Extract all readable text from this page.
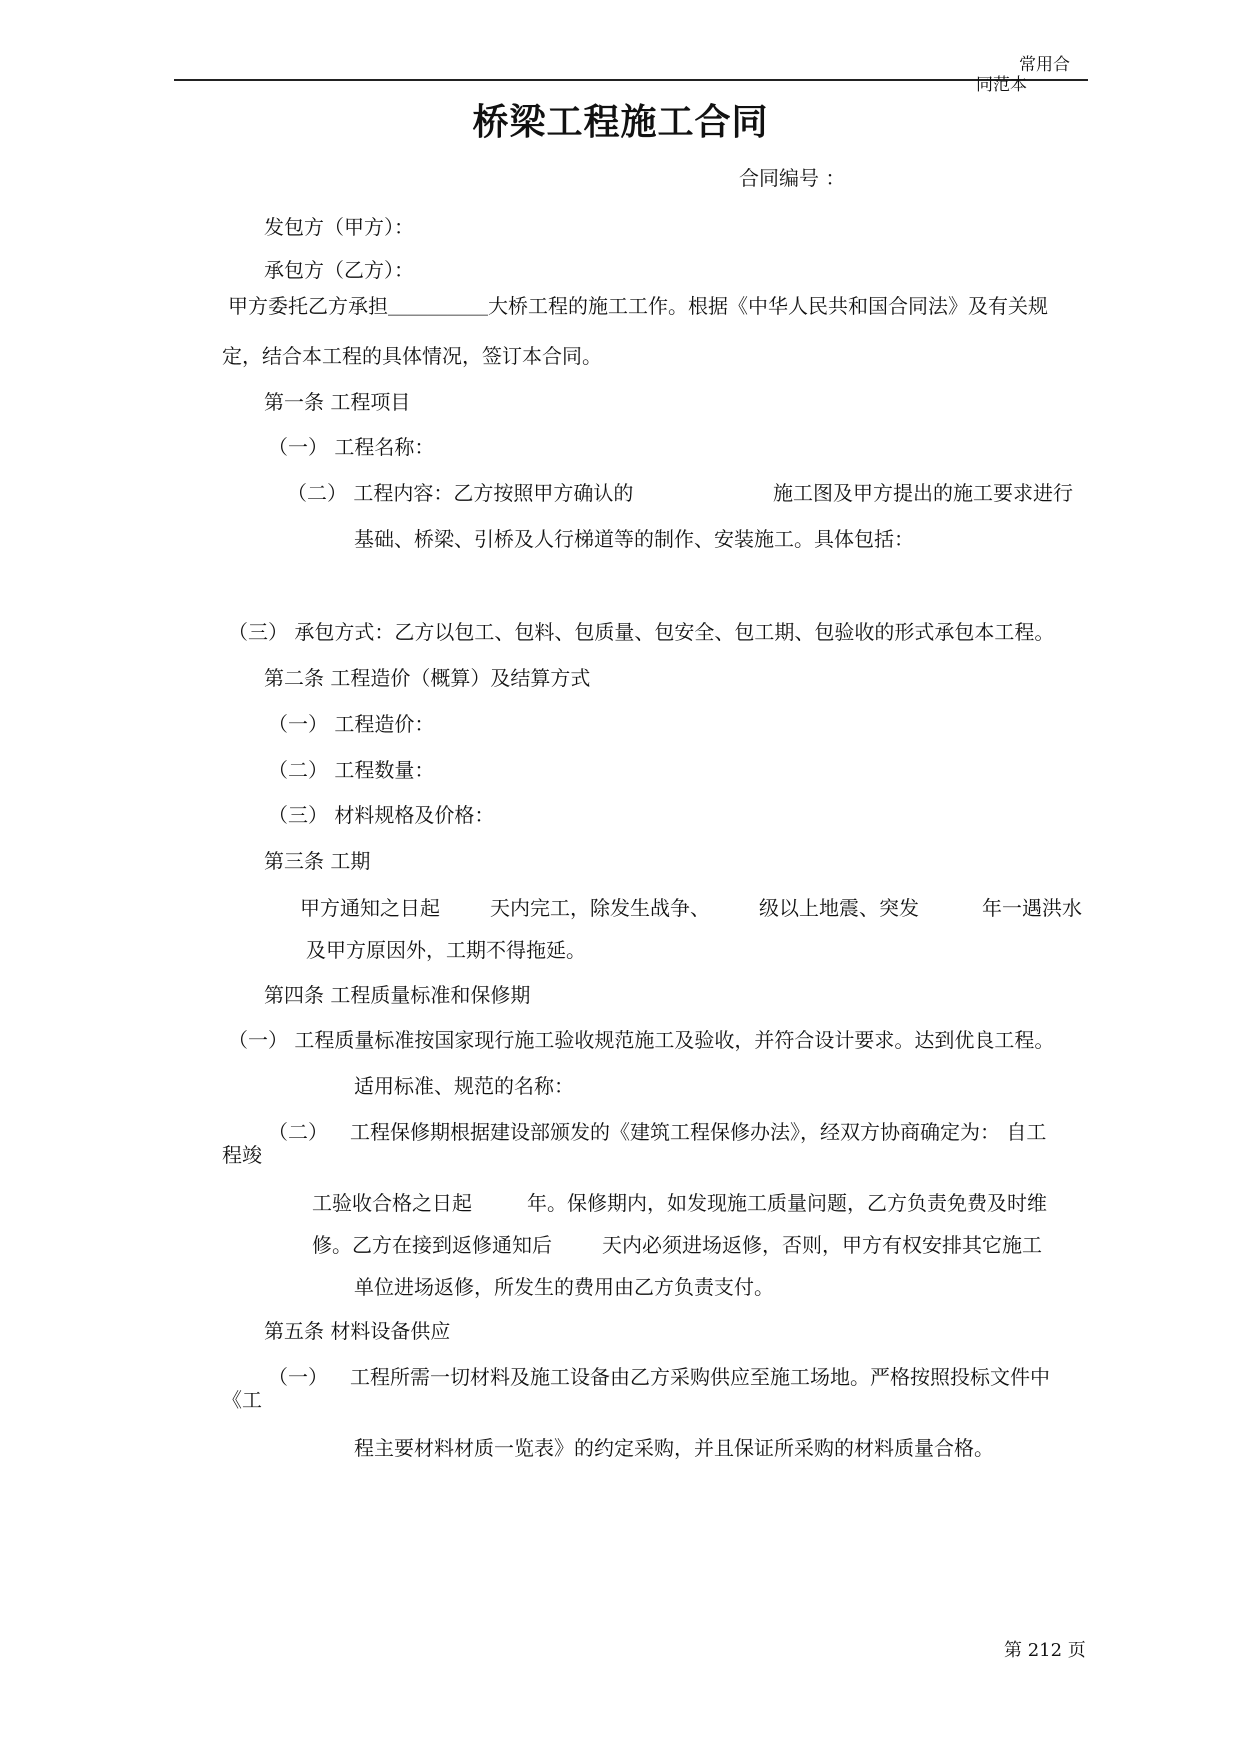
常用合
同范本
桥梁工程施工合同
合同编号 ：
发包方（甲方）：
承包方（乙方）：
甲方委托乙方承担＿＿＿＿＿大桥工程的施工工作。根据《中华人民共和国合同法》及有关规
定，结合本工程的具体情况，签订本合同。
第一条 工程项目
（一） 工程名称：
（二） 工程内容：乙方按照甲方确认的	施工图及甲方提出的施工要求进行
基础、桥梁、引桥及人行梯道等的制作、安装施工。具体包括：
（三） 承包方式：乙方以包工、包料、包质量、包安全、包工期、包验收的形式承包本工程。
第二条 工程造价（概算）及结算方式
（一） 工程造价：
（二） 工程数量：
（三） 材料规格及价格：
第三条 工期
甲方通知之日起	天内完工，除发生战争、 级以上地震、突发	年一遇洪水
及甲方原因外，工期不得拖延。
第四条 工程质量标准和保修期
（一） 工程质量标准按国家现行施工验收规范施工及验收，并符合设计要求。达到优良工程。
适用标准、规范的名称：
（二） 工程保修期根据建设部颁发的《建筑工程保修办法》，经双方协商确定为： 自工
程竣
工验收合格之日起	年。保修期内，如发现施工质量问题，乙方负责免费及时维
修。乙方在接到返修通知后	天内必须进场返修，否则，甲方有权安排其它施工
单位进场返修，所发生的费用由乙方负责支付。
第五条 材料设备供应
（一） 工程所需一切材料及施工设备由乙方采购供应至施工场地。严格按照投标文件中
《工
程主要材料材质一览表》的约定采购，并且保证所采购的材料质量合格。
第 212 页
